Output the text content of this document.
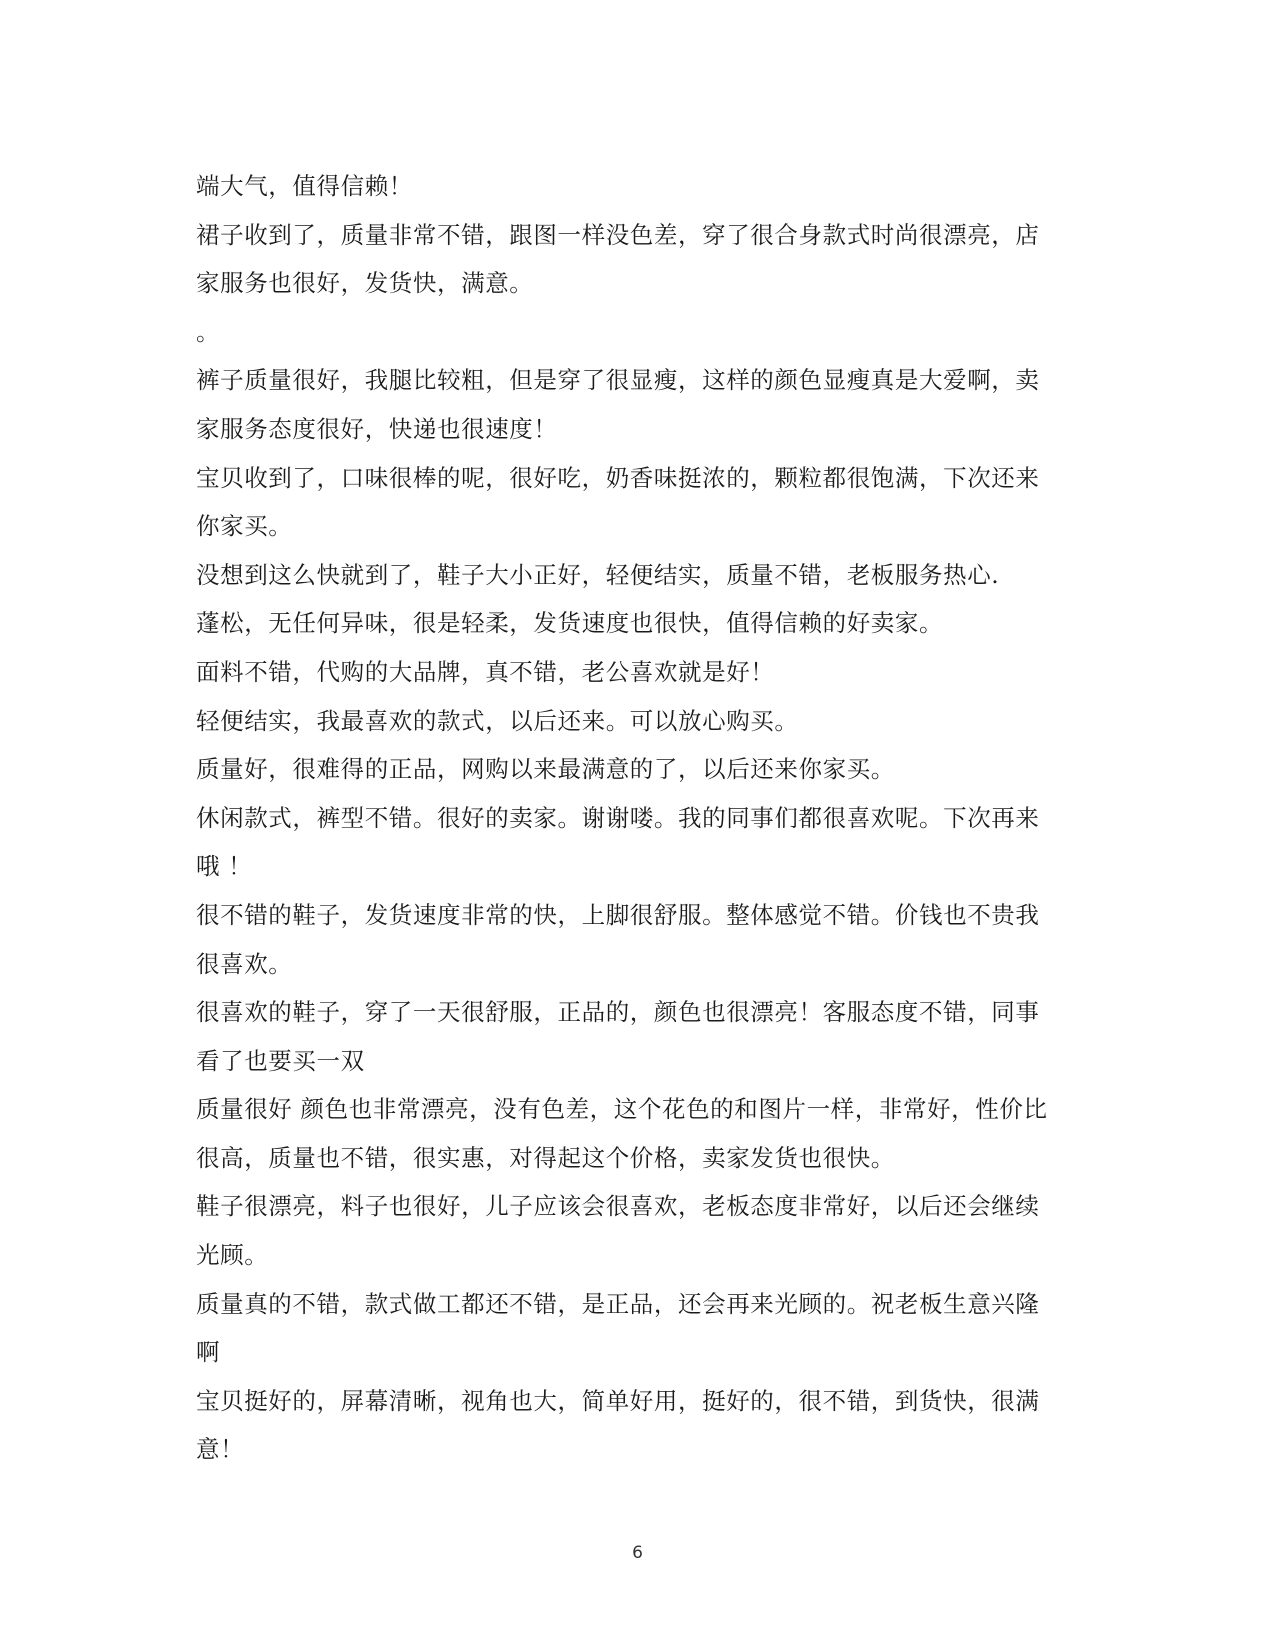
端大气，值得信赖！
裙子收到了，质量非常不错，跟图一样没色差，穿了很合身款式时尚很漂亮，店
家服务也很好，发货快，满意。
。
裤子质量很好，我腿比较粗，但是穿了很显瘦，这样的颜色显瘦真是大爱啊，卖
家服务态度很好，快递也很速度！
宝贝收到了，口味很棒的呢，很好吃，奶香味挺浓的，颗粒都很饱满，下次还来
你家买。
没想到这么快就到了，鞋子大小正好，轻便结实，质量不错，老板服务热心.
蓬松，无任何异味，很是轻柔，发货速度也很快，值得信赖的好卖家。
面料不错，代购的大品牌，真不错，老公喜欢就是好！
轻便结实，我最喜欢的款式，以后还来。可以放心购买。
质量好，很难得的正品，网购以来最满意的了，以后还来你家买。
休闲款式，裤型不错。很好的卖家。谢谢喽。我的同事们都很喜欢呢。下次再来
哦 ！
很不错的鞋子，发货速度非常的快，上脚很舒服。整体感觉不错。价钱也不贵我
很喜欢。
很喜欢的鞋子，穿了一天很舒服，正品的，颜色也很漂亮！客服态度不错，同事
看了也要买一双
质量很好 颜色也非常漂亮，没有色差，这个花色的和图片一样，非常好，性价比
很高，质量也不错，很实惠，对得起这个价格，卖家发货也很快。
鞋子很漂亮，料子也很好，儿子应该会很喜欢，老板态度非常好，以后还会继续
光顾。
质量真的不错，款式做工都还不错，是正品，还会再来光顾的。祝老板生意兴隆
啊
宝贝挺好的，屏幕清晰，视角也大，简单好用，挺好的，很不错，到货快，很满
意！
6
